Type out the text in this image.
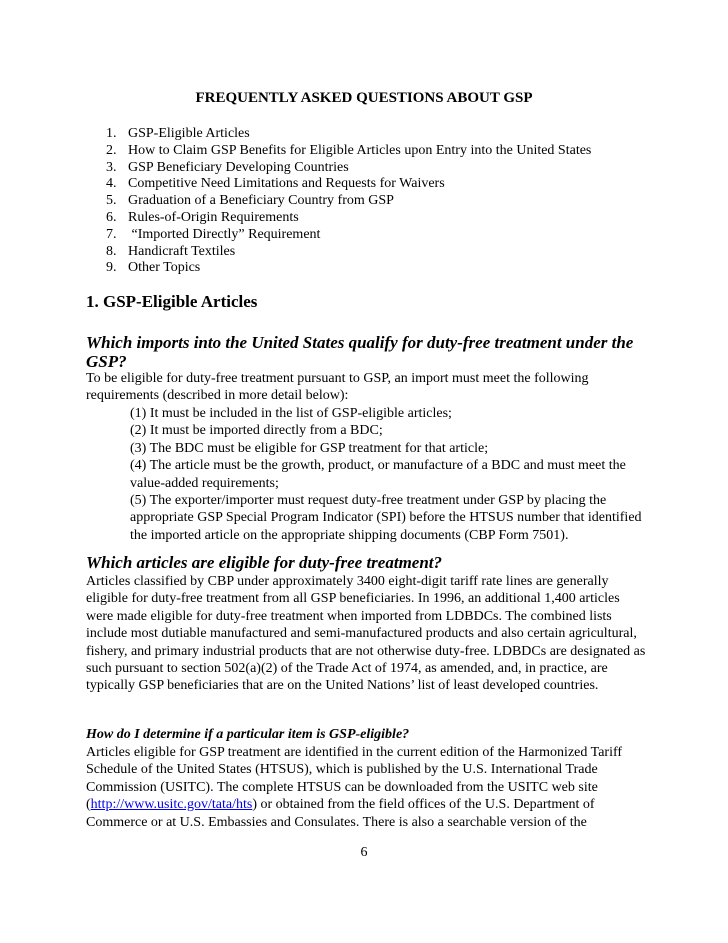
FREQUENTLY ASKED QUESTIONS ABOUT GSP
1. GSP-Eligible Articles
2. How to Claim GSP Benefits for Eligible Articles upon Entry into the United States
3. GSP Beneficiary Developing Countries
4. Competitive Need Limitations and Requests for Waivers
5. Graduation of a Beneficiary Country from GSP
6. Rules-of-Origin Requirements
7. “Imported Directly” Requirement
8. Handicraft Textiles
9. Other Topics
1. GSP-Eligible Articles
Which imports into the United States qualify for duty-free treatment under the GSP?
To be eligible for duty-free treatment pursuant to GSP, an import must meet the following requirements (described in more detail below):
(1) It must be included in the list of GSP-eligible articles;
(2) It must be imported directly from a BDC;
(3) The BDC must be eligible for GSP treatment for that article;
(4) The article must be the growth, product, or manufacture of a BDC and must meet the value-added requirements;
(5) The exporter/importer must request duty-free treatment under GSP by placing the appropriate GSP Special Program Indicator (SPI) before the HTSUS number that identified the imported article on the appropriate shipping documents (CBP Form 7501).
Which articles are eligible for duty-free treatment?
Articles classified by CBP under approximately 3400 eight-digit tariff rate lines are generally eligible for duty-free treatment from all GSP beneficiaries. In 1996, an additional 1,400 articles were made eligible for duty-free treatment when imported from LDBDCs. The combined lists include most dutiable manufactured and semi-manufactured products and also certain agricultural, fishery, and primary industrial products that are not otherwise duty-free. LDBDCs are designated as such pursuant to section 502(a)(2) of the Trade Act of 1974, as amended, and, in practice, are typically GSP beneficiaries that are on the United Nations’ list of least developed countries.
How do I determine if a particular item is GSP-eligible?
Articles eligible for GSP treatment are identified in the current edition of the Harmonized Tariff Schedule of the United States (HTSUS), which is published by the U.S. International Trade Commission (USITC). The complete HTSUS can be downloaded from the USITC web site (http://www.usitc.gov/tata/hts) or obtained from the field offices of the U.S. Department of Commerce or at U.S. Embassies and Consulates. There is also a searchable version of the
6
